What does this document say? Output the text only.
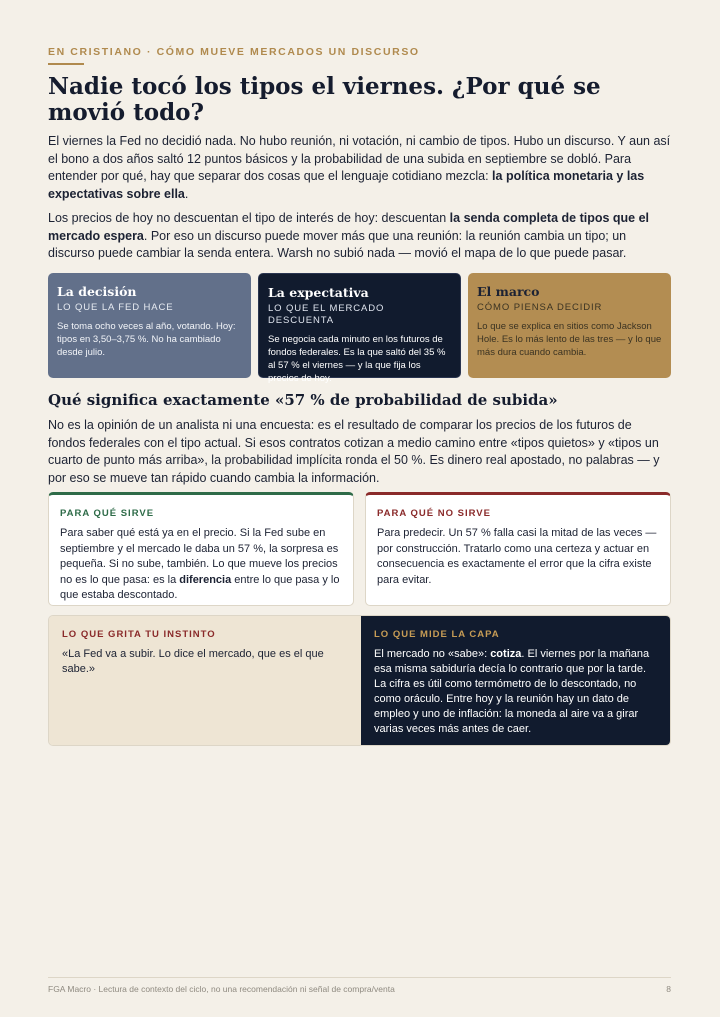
EN CRISTIANO · CÓMO MUEVE MERCADOS UN DISCURSO
Nadie tocó los tipos el viernes. ¿Por qué se movió todo?

El viernes la Fed no decidió nada. No hubo reunión, ni votación, ni cambio de tipos. Hubo un discurso. Y aun así el bono a dos años saltó 12 puntos básicos y la probabilidad de una subida en septiembre se dobló. Para entender por qué, hay que separar dos cosas que el lenguaje cotidiano mezcla: la política monetaria y las expectativas sobre ella.

Los precios de hoy no descuentan el tipo de interés de hoy: descuentan la senda completa de tipos que el mercado espera. Por eso un discurso puede mover más que una reunión: la reunión cambia un tipo; un discurso puede cambiar la senda entera. Warsh no subió nada — movió el mapa de lo que puede pasar.

La decisión
LO QUE LA FED HACE
Se toma ocho veces al año, votando. Hoy: tipos en 3,50–3,75 %. No ha cambiado desde julio.
La expectativa
LO QUE EL MERCADO DESCUENTA
Se negocia cada minuto en los futuros de fondos federales. Es la que saltó del 35 % al 57 % el viernes — y la que fija los precios de hoy.
El marco
CÓMO PIENSA DECIDIR
Lo que se explica en sitios como Jackson Hole. Es lo más lento de las tres — y lo que más dura cuando cambia.
Qué significa exactamente «57 % de probabilidad de subida»

No es la opinión de un analista ni una encuesta: es el resultado de comparar los precios de los futuros de fondos federales con el tipo actual. Si esos contratos cotizan a medio camino entre «tipos quietos» y «tipos un cuarto de punto más arriba», la probabilidad implícita ronda el 50 %. Es dinero real apostado, no palabras — y por eso se mueve tan rápido cuando cambia la información.

PARA QUÉ SIRVE
Para saber qué está ya en el precio. Si la Fed sube en septiembre y el mercado le daba un 57 %, la sorpresa es pequeña. Si no sube, también. Lo que mueve los precios no es lo que pasa: es la diferencia entre lo que pasa y lo que estaba descontado.
PARA QUÉ NO SIRVE
Para predecir. Un 57 % falla casi la mitad de las veces — por construcción. Tratarlo como una certeza y actuar en consecuencia es exactamente el error que la cifra existe para evitar.
LO QUE GRITA TU INSTINTO
«La Fed va a subir. Lo dice el mercado, que es el que sabe.»
LO QUE MIDE LA CAPA
El mercado no «sabe»: cotiza. El viernes por la mañana esa misma sabiduría decía lo contrario que por la tarde. La cifra es útil como termómetro de lo descontado, no como oráculo. Entre hoy y la reunión hay un dato de empleo y uno de inflación: la moneda al aire va a girar varias veces más antes de caer.
FGA Macro · Lectura de contexto del ciclo, no una recomendación ni señal de compra/venta	8
